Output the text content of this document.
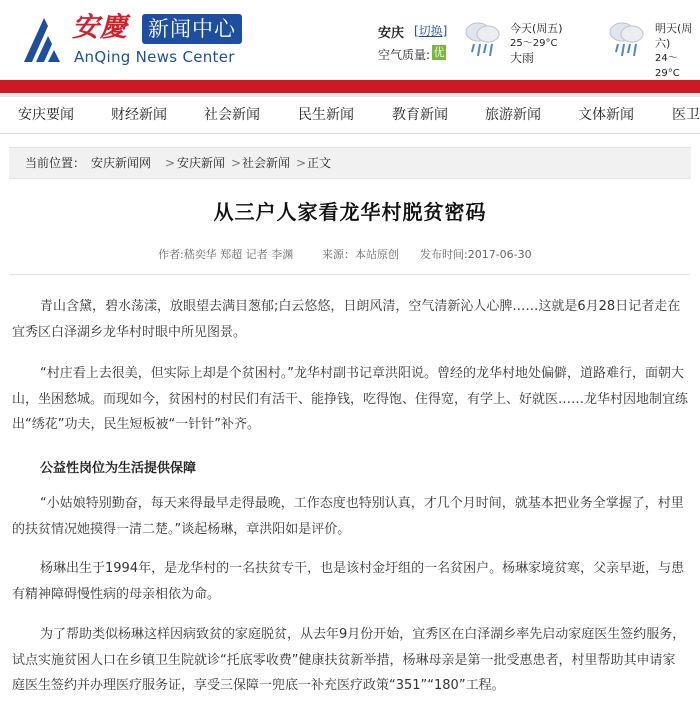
安慶 新闻中心
AnQing News Center
安庆 [切换]
空气质量: 优
今天(周五)
25～29°C
大雨
明天(周六)
24～29°C
安庆要闻	财经新闻	社会新闻	民生新闻	教育新闻	旅游新闻	文体新闻	医卫
当前位置： 安庆新闻网 > 安庆新闻 > 社会新闻 > 正文
从三户人家看龙华村脱贫密码
作者:嵇奕华 郑超 记者 李渊	来源：本站原创 发布时间:2017-06-30

青山含黛，碧水荡漾，放眼望去满目葱郁;白云悠悠，日朗风清，空气清新沁人心脾……这就是6月28日记者走在宜秀区白泽湖乡龙华村时眼中所见图景。

“村庄看上去很美，但实际上却是个贫困村。”龙华村副书记章洪阳说。曾经的龙华村地处偏僻，道路难行，面朝大山，坐困愁城。而现如今，贫困村的村民们有活干、能挣钱，吃得饱、住得宽，有学上、好就医……龙华村因地制宜练出“绣花”功夫，民生短板被“一针针”补齐。

公益性岗位为生活提供保障

“小姑娘特别勤奋，每天来得最早走得最晚，工作态度也特别认真，才几个月时间，就基本把业务全掌握了，村里的扶贫情况她摸得一清二楚。”谈起杨琳，章洪阳如是评价。

杨琳出生于1994年，是龙华村的一名扶贫专干，也是该村金圩组的一名贫困户。杨琳家境贫寒，父亲早逝，与患有精神障碍慢性病的母亲相依为命。

为了帮助类似杨琳这样因病致贫的家庭脱贫，从去年9月份开始，宜秀区在白泽湖乡率先启动家庭医生签约服务，试点实施贫困人口在乡镇卫生院就诊“托底零收费”健康扶贫新举措，杨琳母亲是第一批受惠患者，村里帮助其申请家庭医生签约并办理医疗服务证，享受三保障一兜底一补充医疗政策“351”“180”工程。
